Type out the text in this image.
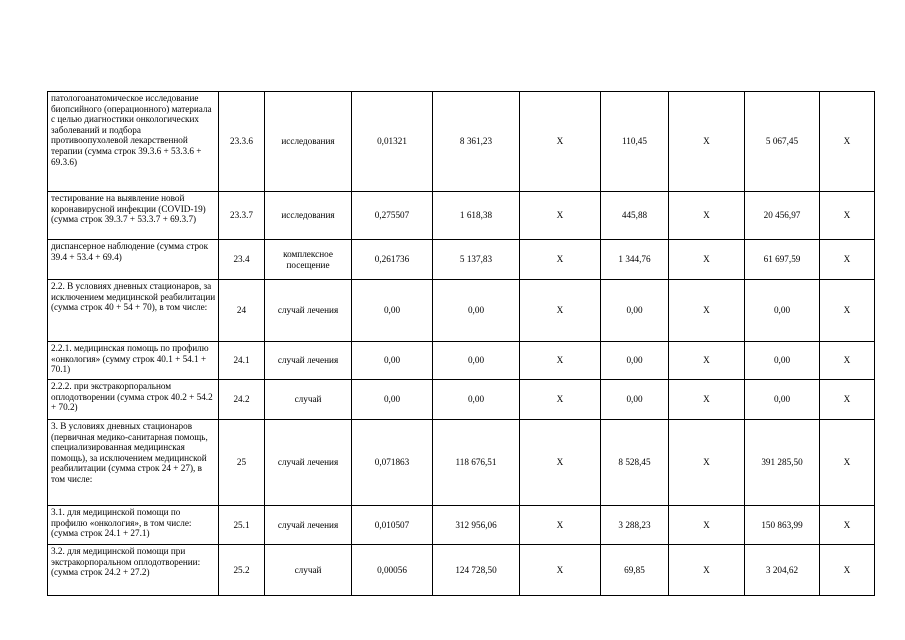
патологоанатомическое исследование биопсийного (операционного) материала с целью диагностики онкологических заболеваний и подбора противоопухолевой лекарственной терапии (сумма строк 39.3.6 + 53.3.6 + 69.3.6)	23.3.6	исследования	0,01321	8 361,23	Х	110,45	Х	5 067,45	Х
тестирование на выявление новой коронавирусной инфекции (COVID-19) (сумма строк 39.3.7 + 53.3.7 + 69.3.7)	23.3.7	исследования	0,275507	1 618,38	Х	445,88	Х	20 456,97	Х
диспансерное наблюдение (сумма строк 39.4 + 53.4 + 69.4)	23.4	комплексное посещение	0,261736	5 137,83	Х	1 344,76	Х	61 697,59	Х
2.2. В условиях дневных стационаров, за исключением медицинской реабилитации (сумма строк 40 + 54 + 70), в том числе:	24	случай лечения	0,00	0,00	Х	0,00	Х	0,00	Х
2.2.1. медицинская помощь по профилю «онкология» (сумму строк 40.1 + 54.1 + 70.1)	24.1	случай лечения	0,00	0,00	Х	0,00	Х	0,00	Х
2.2.2. при экстракорпоральном оплодотворении (сумма строк 40.2 + 54.2 + 70.2)	24.2	случай	0,00	0,00	Х	0,00	Х	0,00	Х
3. В условиях дневных стационаров (первичная медико-санитарная помощь, специализированная медицинская помощь), за исключением медицинской реабилитации (сумма строк 24 + 27), в том числе:	25	случай лечения	0,071863	118 676,51	Х	8 528,45	Х	391 285,50	Х
3.1. для медицинской помощи по профилю «онкология», в том числе: (сумма строк 24.1 + 27.1)	25.1	случай лечения	0,010507	312 956,06	Х	3 288,23	Х	150 863,99	Х
3.2. для медицинской помощи при экстракорпоральном оплодотворении: (сумма строк 24.2 + 27.2)	25.2	случай	0,00056	124 728,50	Х	69,85	Х	3 204,62	Х
